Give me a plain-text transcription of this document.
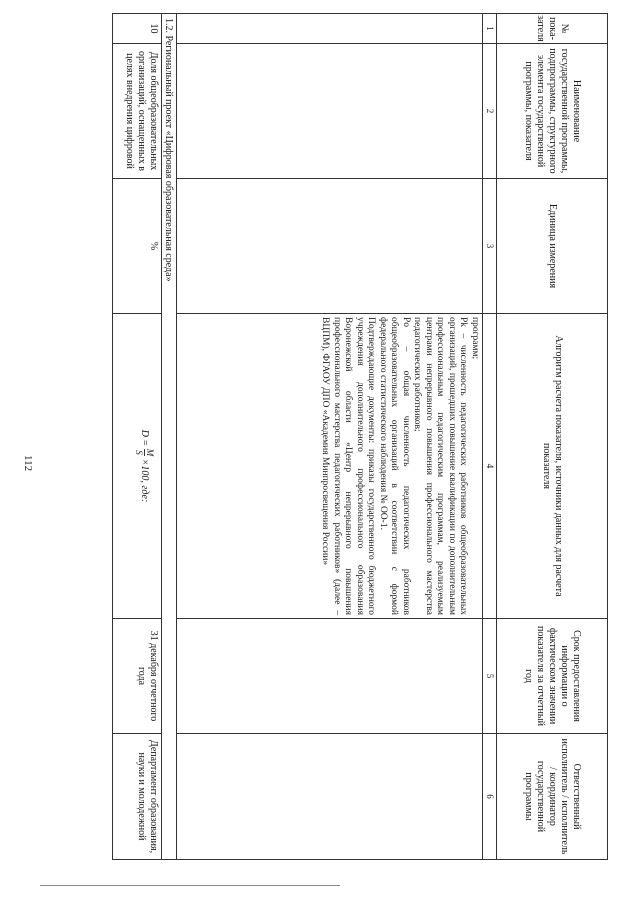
112
№ пока-зателя
Наименование государственной программы, подпрограммы, структурного элемента государственной программы, показателя
Единица измерения
Алгоритм расчета показателя, источники данных для расчета показателя
Срок предоставления информации о фактическом значении показателя за отчетный год
Ответственный исполнитель / исполнитель / координатор государственной программы
1
2
3
4
5
6

программ;

Pk – численность педагогических работников общеобразовательных организаций, прошедших повышение квалификации по дополнительным профессиональным педагогическим программам, реализуемым центрами непрерывного повышения профессионального мастерства педагогических работников;

Po – общая численность педагогических работников общеобразовательных организаций в соответствии с формой федерального статистического наблюдения № ОО-1.

Подтверждающие документы: приказы государственного бюджетного учреждения дополнительного профессионального образования Воронежской области «Центр непрерывного повышения профессионального мастерства педагогических работников» (далее – ВЦПМ), ФГАОУ ДПО «Академия Минпросвещения России»

1.2. Региональный проект «Цифровая образовательная среда»
10
Доля общеобразовательных организаций, оснащенных в целях внедрения цифровой
%
D =
M
S
×100, где:
31 декабря отчетного года
Департамент образования, науки и молодежной
